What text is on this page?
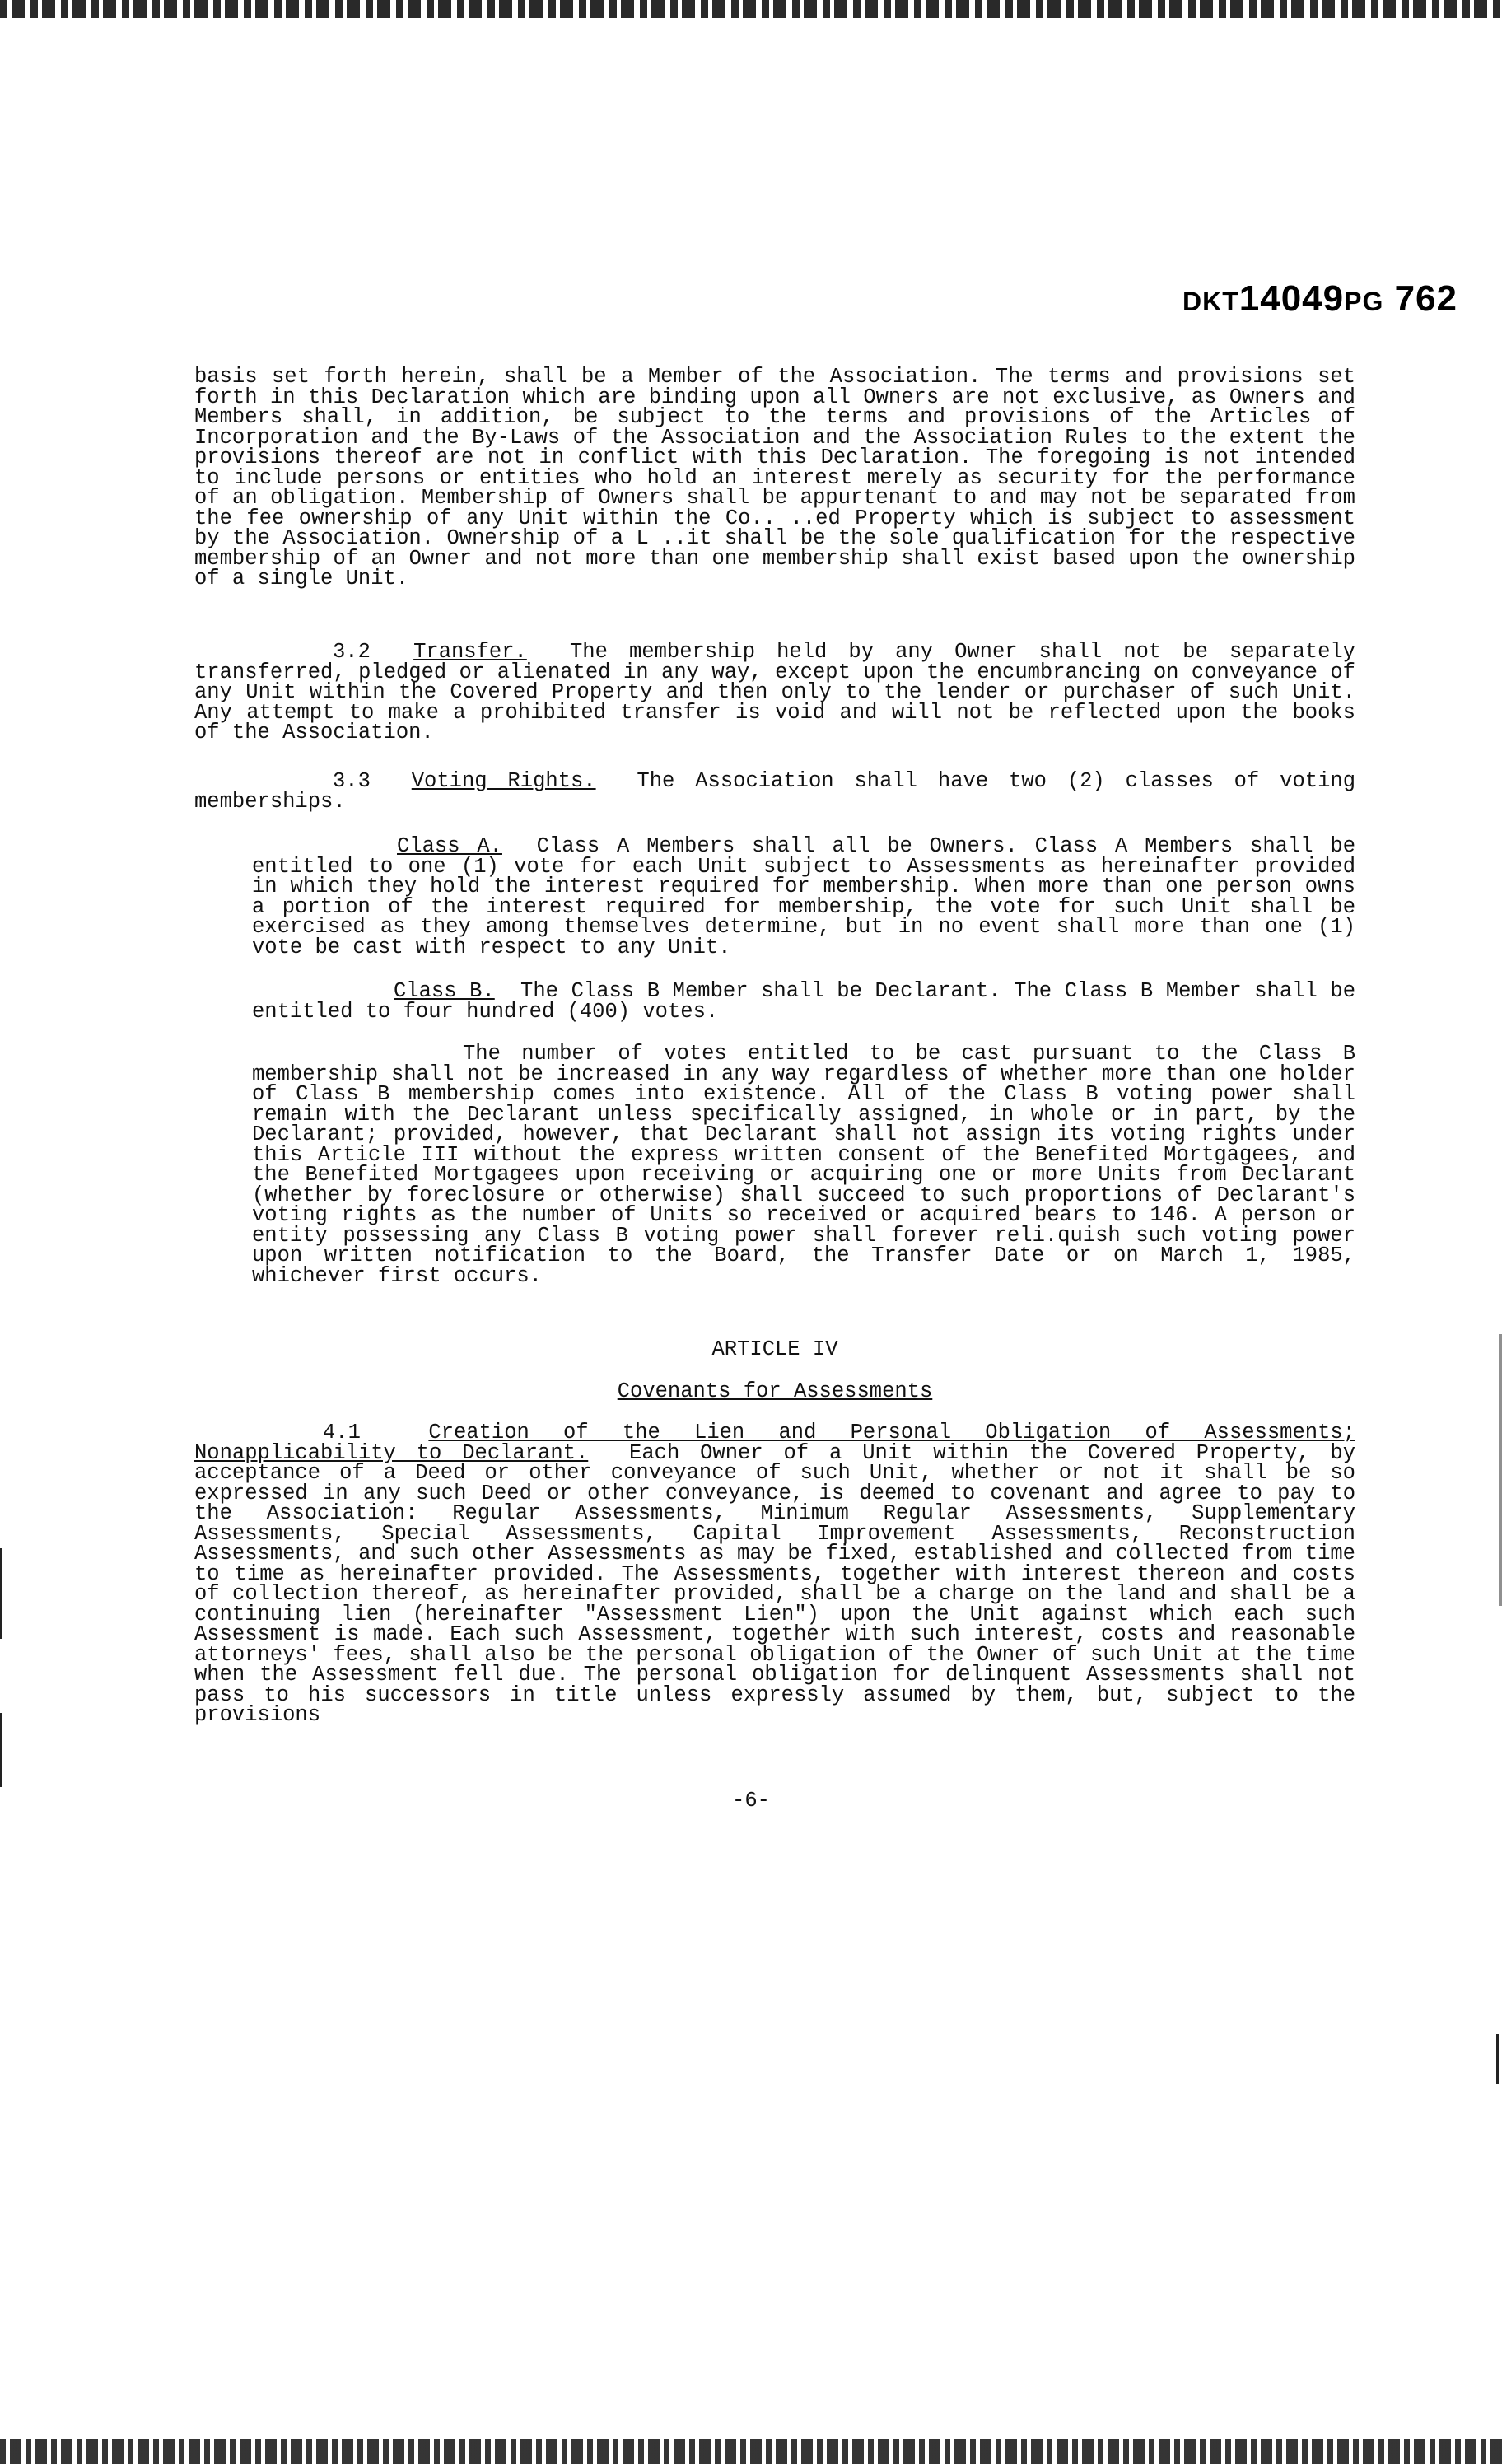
DKT14049PG 762
basis set forth herein, shall be a Member of the Association. The terms and provisions set forth in this Declaration which are binding upon all Owners are not exclusive, as Owners and Members shall, in addition, be subject to the terms and provisions of the Articles of Incorporation and the By-Laws of the Association and the Association Rules to the extent the provisions thereof are not in conflict with this Declaration. The foregoing is not intended to include persons or entities who hold an interest merely as security for the performance of an obligation. Membership of Owners shall be appurtenant to and may not be separated from the fee ownership of any Unit within the Co.. ..ed Property which is subject to assessment by the Association. Ownership of a L ..it shall be the sole qualification for the respective membership of an Owner and not more than one membership shall exist based upon the ownership of a single Unit.
3.2 Transfer. The membership held by any Owner shall not be separately transferred, pledged or alienated in any way, except upon the encumbrancing on conveyance of any Unit within the Covered Property and then only to the lender or purchaser of such Unit. Any attempt to make a prohibited transfer is void and will not be reflected upon the books of the Association.
3.3 Voting Rights. The Association shall have two (2) classes of voting memberships.
Class A. Class A Members shall all be Owners. Class A Members shall be entitled to one (1) vote for each Unit subject to Assessments as hereinafter provided in which they hold the interest required for membership. When more than one person owns a portion of the interest required for membership, the vote for such Unit shall be exercised as they among themselves determine, but in no event shall more than one (1) vote be cast with respect to any Unit.
Class B. The Class B Member shall be Declarant. The Class B Member shall be entitled to four hundred (400) votes.
The number of votes entitled to be cast pursuant to the Class B membership shall not be increased in any way regardless of whether more than one holder of Class B membership comes into existence. All of the Class B voting power shall remain with the Declarant unless specifically assigned, in whole or in part, by the Declarant; provided, however, that Declarant shall not assign its voting rights under this Article III without the express written consent of the Benefited Mortgagees, and the Benefited Mortgagees upon receiving or acquiring one or more Units from Declarant (whether by foreclosure or otherwise) shall succeed to such proportions of Declarant's voting rights as the number of Units so received or acquired bears to 146. A person or entity possessing any Class B voting power shall forever reli.quish such voting power upon written notification to the Board, the Transfer Date or on March 1, 1985, whichever first occurs.
ARTICLE IV
Covenants for Assessments
4.1	Creation of the Lien and Personal Obligation of Assessments; Nonapplicability to Declarant. Each Owner of a Unit within the Covered Property, by acceptance of a Deed or other conveyance of such Unit, whether or not it shall be so expressed in any such Deed or other conveyance, is deemed to covenant and agree to pay to the Association: Regular Assessments, Minimum Regular Assessments, Supplementary Assessments, Special Assessments, Capital Improvement Assessments, Reconstruction Assessments, and such other Assessments as may be fixed, established and collected from time to time as hereinafter provided. The Assessments, together with interest thereon and costs of collection thereof, as hereinafter provided, shall be a charge on the land and shall be a continuing lien (hereinafter "Assessment Lien") upon the Unit against which each such Assessment is made. Each such Assessment, together with such interest, costs and reasonable attorneys' fees, shall also be the personal obligation of the Owner of such Unit at the time when the Assessment fell due. The personal obligation for delinquent Assessments shall not pass to his successors in title unless expressly assumed by them, but, subject to the provisions
-6-
